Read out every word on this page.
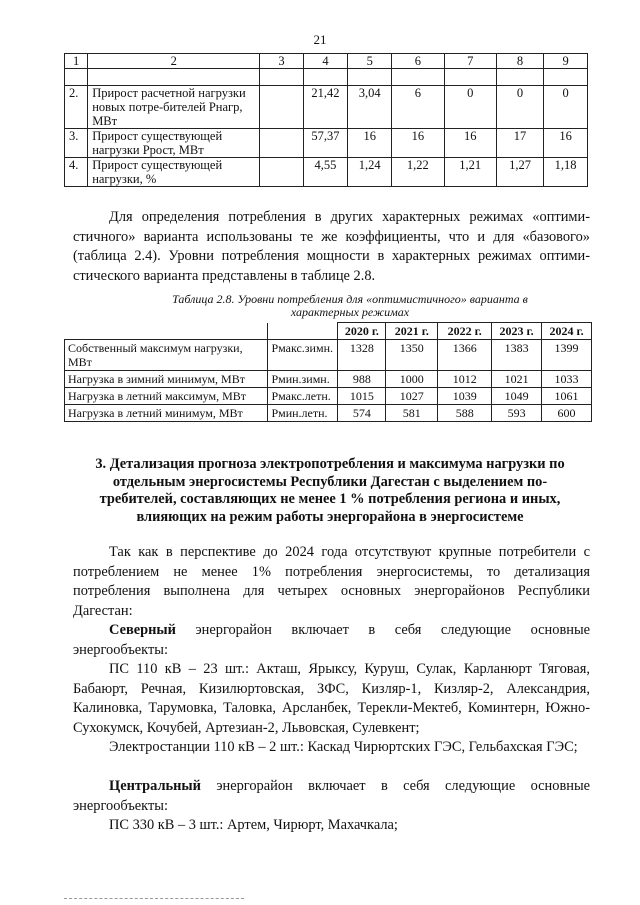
21
1	2	3	4	5	6	7	8	9

2.	Прирост расчетной нагрузки новых потре-бителей Pнагр, МВт		21,42	3,04	6	0	0	0
3.	Прирост существующей нагрузки Pрост, МВт		57,37	16	16	16	17	16
4.	Прирост существующей нагрузки, %		4,55	1,24	1,22	1,21	1,27	1,18

Для определения потребления в других характерных режимах «оптими-стичного» варианта использованы те же коэффициенты, что и для «базового» (таблица 2.4). Уровни потребления мощности в характерных режимах оптими-стического варианта представлены в таблице 2.8.

Таблица 2.8. Уровни потребления для «оптимистичного» варианта в характерных режимах
		2020 г.	2021 г.	2022 г.	2023 г.	2024 г.
Собственный максимум нагрузки, МВт	Рмакс.зимн.	1328	1350	1366	1383	1399
Нагрузка в зимний минимум, МВт	Рмин.зимн.	988	1000	1012	1021	1033
Нагрузка в летний максимум, МВт	Рмакс.летн.	1015	1027	1039	1049	1061
Нагрузка в летний минимум, МВт	Рмин.летн.	574	581	588	593	600
3. Детализация прогноза электропотребления и максимума нагрузки по отдельным энергосистемы Республики Дагестан с выделением по-требителей, составляющих не менее 1 % потребления региона и иных, влияющих на режим работы энергорайона в энергосистеме

Так как в перспективе до 2024 года отсутствуют крупные потребители с потреблением не менее 1% потребления энергосистемы, то детализация потребления выполнена для четырех основных энергорайонов Республики Дагестан:

Северный энергорайон включает в себя следующие основные энергообъекты:

ПС 110 кВ – 23 шт.: Акташ, Ярыксу, Куруш, Сулак, Карланюрт Тяговая, Бабаюрт, Речная, Кизилюртовская, ЗФС, Кизляр-1, Кизляр-2, Александрия, Калиновка, Тарумовка, Таловка, Арсланбек, Терекли-Мектеб, Коминтерн, Южно-Сухокумск, Кочубей, Артезиан-2, Львовская, Сулевкент;

Электростанции 110 кВ – 2 шт.: Каскад Чирюртских ГЭС, Гельбахская ГЭС;

Центральный энергорайон включает в себя следующие основные энергообъекты:

ПС 330 кВ – 3 шт.: Артем, Чирюрт, Махачкала;
